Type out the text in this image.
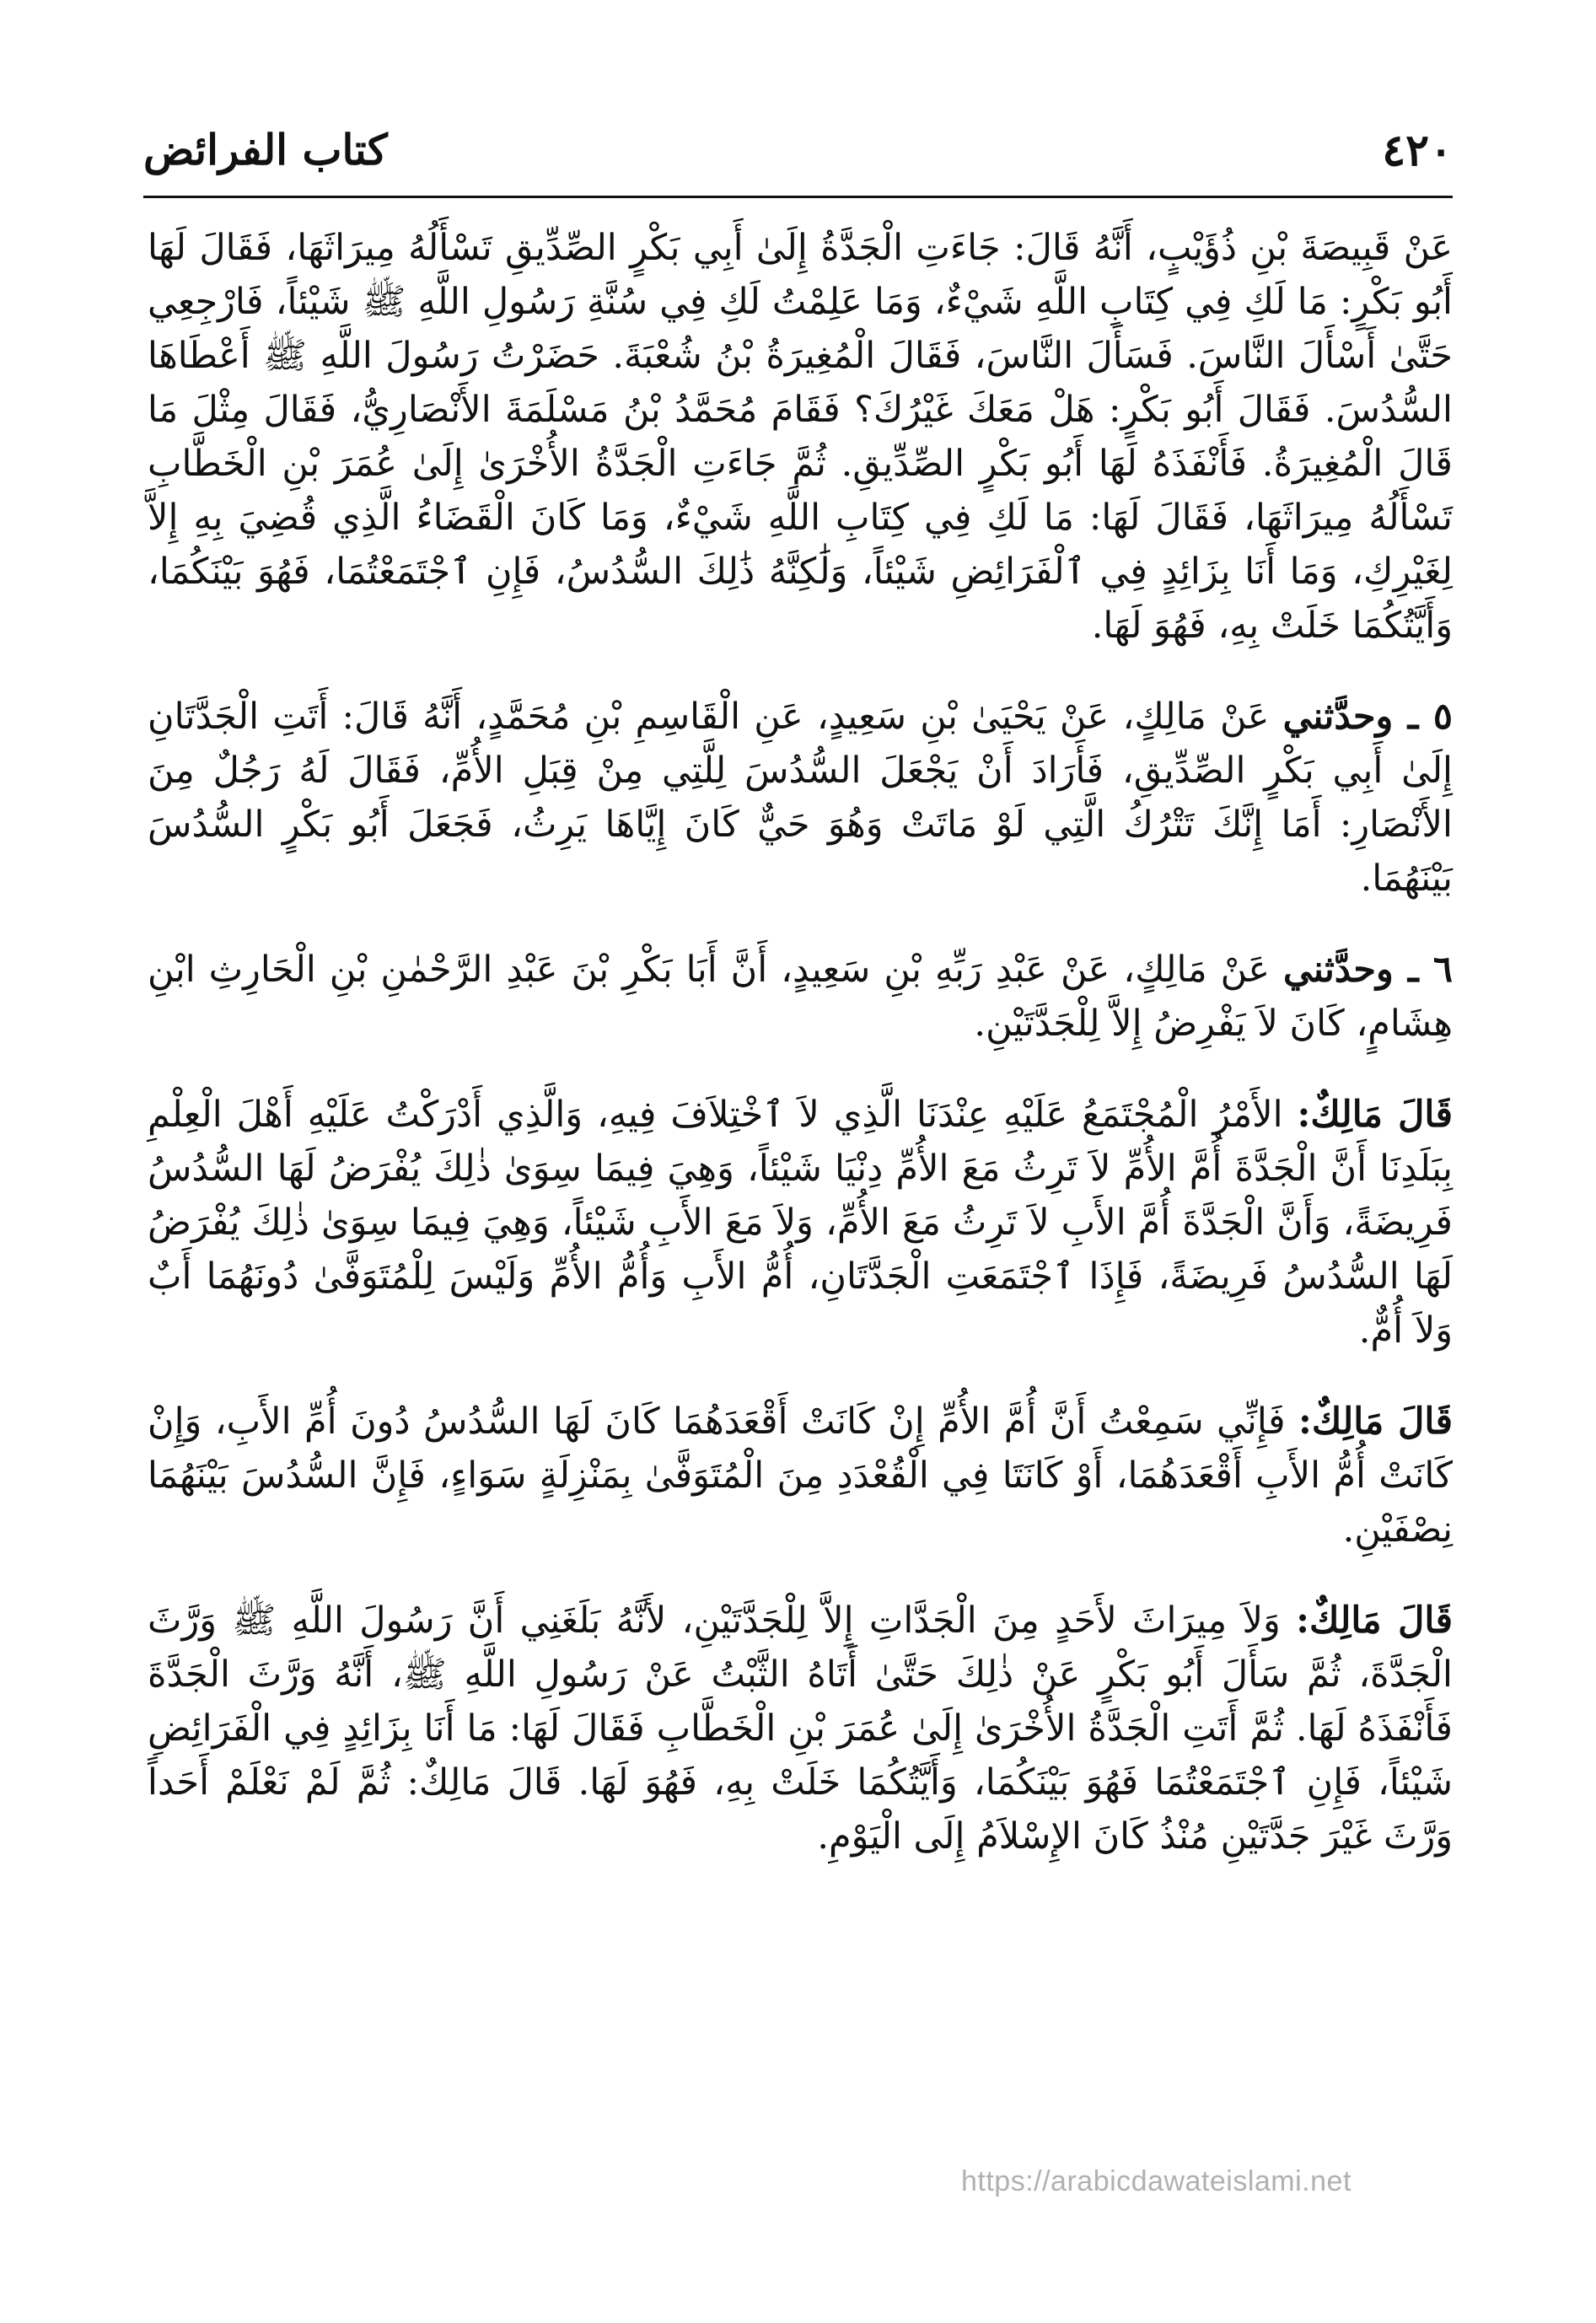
٤٢٠
كتاب الفرائض

عَنْ قَبِيصَةَ بْنِ ذُؤَيْبٍ، أَنَّهُ قَالَ: جَاءَتِ الْجَدَّةُ إِلَىٰ أَبِي بَكْرٍ الصِّدِّيقِ تَسْأَلُهُ مِيرَاثَهَا، فَقَالَ لَهَا أَبُو بَكْرٍ: مَا لَكِ فِي كِتَابِ اللَّهِ شَيْءٌ، وَمَا عَلِمْتُ لَكِ فِي سُنَّةِ رَسُولِ اللَّهِ ﷺ شَيْئاً، فَارْجِعِي حَتَّىٰ أَسْأَلَ النَّاسَ. فَسَأَلَ النَّاسَ، فَقَالَ الْمُغِيرَةُ بْنُ شُعْبَةَ. حَضَرْتُ رَسُولَ اللَّهِ ﷺ أَعْطَاهَا السُّدُسَ. فَقَالَ أَبُو بَكْرٍ: هَلْ مَعَكَ غَيْرُكَ؟ فَقَامَ مُحَمَّدُ بْنُ مَسْلَمَةَ الأَنْصَارِيُّ، فَقَالَ مِثْلَ مَا قَالَ الْمُغِيرَةُ. فَأَنْفَذَهُ لَهَا أَبُو بَكْرٍ الصِّدِّيقِ. ثُمَّ جَاءَتِ الْجَدَّةُ الأُخْرَىٰ إِلَىٰ عُمَرَ بْنِ الْخَطَّابِ تَسْأَلُهُ مِيرَاثَهَا، فَقَالَ لَهَا: مَا لَكِ فِي كِتَابِ اللَّهِ شَيْءٌ، وَمَا كَانَ الْقَضَاءُ الَّذِي قُضِيَ بِهِ إِلاَّ لِغَيْرِكِ، وَمَا أَنَا بِزَائِدٍ فِي ٱلْفَرَائِضِ شَيْئاً، وَلَٰكِنَّهُ ذَٰلِكَ السُّدُسُ، فَإِنِ ٱجْتَمَعْتُمَا، فَهُوَ بَيْنَكُمَا، وَأَيَّتُكُمَا خَلَتْ بِهِ، فَهُوَ لَهَا.

٥ ـ وحدَّثني عَنْ مَالِكٍ، عَنْ يَحْيَىٰ بْنِ سَعِيدٍ، عَنِ الْقَاسِمِ بْنِ مُحَمَّدٍ، أَنَّهُ قَالَ: أَتَتِ الْجَدَّتَانِ إِلَىٰ أَبِي بَكْرٍ الصِّدِّيقِ، فَأَرَادَ أَنْ يَجْعَلَ السُّدُسَ لِلَّتِي مِنْ قِبَلِ الأُمِّ، فَقَالَ لَهُ رَجُلٌ مِنَ الأَنْصَارِ: أَمَا إِنَّكَ تَتْرُكُ الَّتِي لَوْ مَاتَتْ وَهُوَ حَيٌّ كَانَ إِيَّاهَا يَرِثُ، فَجَعَلَ أَبُو بَكْرٍ السُّدُسَ بَيْنَهُمَا.

٦ ـ وحدَّثني عَنْ مَالِكٍ، عَنْ عَبْدِ رَبِّهِ بْنِ سَعِيدٍ، أَنَّ أَبَا بَكْرِ بْنَ عَبْدِ الرَّحْمٰنِ بْنِ الْحَارِثِ ابْنِ هِشَامٍ، كَانَ لاَ يَفْرِضُ إِلاَّ لِلْجَدَّتَيْنِ.

قَالَ مَالِكٌ: الأَمْرُ الْمُجْتَمَعُ عَلَيْهِ عِنْدَنَا الَّذِي لاَ ٱخْتِلاَفَ فِيهِ، وَالَّذِي أَدْرَكْتُ عَلَيْهِ أَهْلَ الْعِلْمِ بِبَلَدِنَا أَنَّ الْجَدَّةَ أُمَّ الأُمِّ لاَ تَرِثُ مَعَ الأُمِّ دِنْيَا شَيْئاً، وَهِيَ فِيمَا سِوَىٰ ذٰلِكَ يُفْرَضُ لَهَا السُّدُسُ فَرِيضَةً، وَأَنَّ الْجَدَّةَ أُمَّ الأَبِ لاَ تَرِثُ مَعَ الأُمِّ، وَلاَ مَعَ الأَبِ شَيْئاً، وَهِيَ فِيمَا سِوَىٰ ذٰلِكَ يُفْرَضُ لَهَا السُّدُسُ فَرِيضَةً، فَإِذَا ٱجْتَمَعَتِ الْجَدَّتَانِ، أُمُّ الأَبِ وَأُمُّ الأُمِّ وَلَيْسَ لِلْمُتَوَفَّىٰ دُونَهُمَا أَبٌ وَلاَ أُمٌّ.

قَالَ مَالِكٌ: فَإِنِّي سَمِعْتُ أَنَّ أُمَّ الأُمِّ إِنْ كَانَتْ أَقْعَدَهُمَا كَانَ لَهَا السُّدُسُ دُونَ أُمِّ الأَبِ، وَإِنْ كَانَتْ أُمُّ الأَبِ أَقْعَدَهُمَا، أَوْ كَانَتَا فِي الْقُعْدَدِ مِنَ الْمُتَوَفَّىٰ بِمَنْزِلَةٍ سَوَاءٍ، فَإِنَّ السُّدُسَ بَيْنَهُمَا نِصْفَيْنِ.

قَالَ مَالِكٌ: وَلاَ مِيرَاثَ لأَحَدٍ مِنَ الْجَدَّاتِ إِلاَّ لِلْجَدَّتَيْنِ، لأَنَّهُ بَلَغَنِي أَنَّ رَسُولَ اللَّهِ ﷺ وَرَّثَ الْجَدَّةَ، ثُمَّ سَأَلَ أَبُو بَكْرٍ عَنْ ذٰلِكَ حَتَّىٰ أَتَاهُ الثَّبْتُ عَنْ رَسُولِ اللَّهِ ﷺ، أَنَّهُ وَرَّثَ الْجَدَّةَ فَأَنْفَذَهُ لَهَا. ثُمَّ أَتَتِ الْجَدَّةُ الأُخْرَىٰ إِلَىٰ عُمَرَ بْنِ الْخَطَّابِ فَقَالَ لَهَا: مَا أَنَا بِزَائِدٍ فِي الْفَرَائِضِ شَيْئاً، فَإِنِ ٱجْتَمَعْتُمَا فَهُوَ بَيْنَكُمَا، وَأَيَّتُكُمَا خَلَتْ بِهِ، فَهُوَ لَهَا. قَالَ مَالِكٌ: ثُمَّ لَمْ نَعْلَمْ أَحَداً وَرَّثَ غَيْرَ جَدَّتَيْنِ مُنْذُ كَانَ الإِسْلاَمُ إِلَى الْيَوْمِ.

https://arabicdawateislami.net
